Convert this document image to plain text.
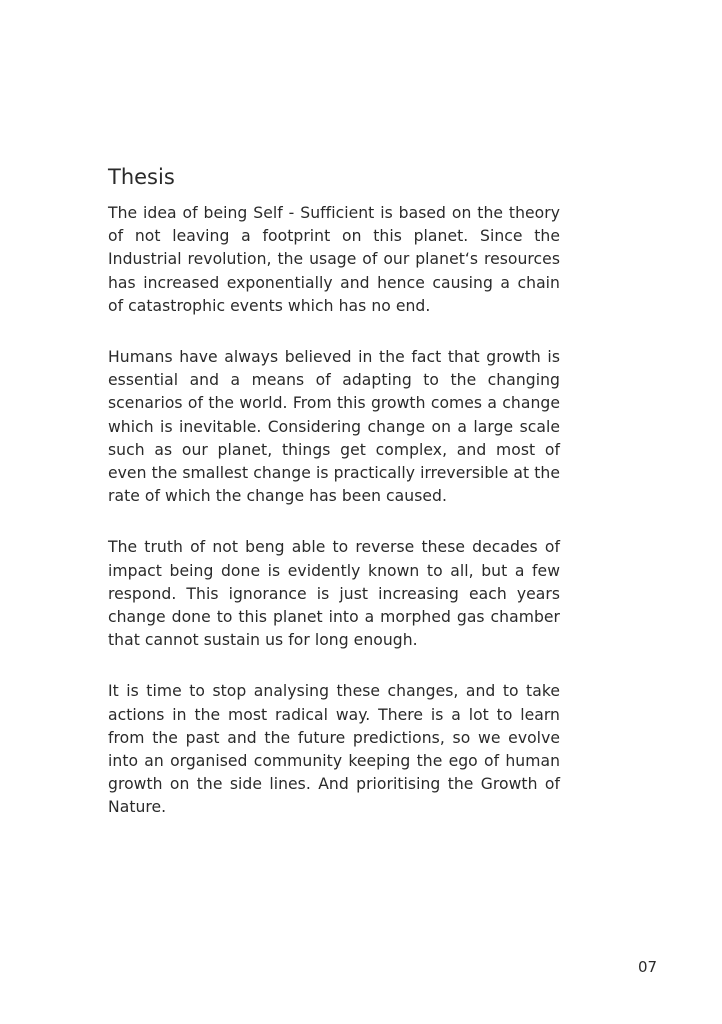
Thesis

The idea of being Self - Sufficient is based on the theory of not leaving a footprint on this planet. Since the Industrial revolution, the usage of our planet‘s resources has increased exponentially and hence causing a chain of catastrophic events which has no end.

Humans have always believed in the fact that growth is essential and a means of adapting to the changing scenarios of the world. From this growth comes a change which is inevitable. Considering change on a large scale such as our planet, things get complex, and most of even the smallest change is practically irreversible at the rate of which the change has been caused.

The truth of not beng able to reverse these decades of impact being done is evidently known to all, but a few respond. This ignorance is just increasing each years change done to this planet into a morphed gas chamber that cannot sustain us for long enough.

It is time to stop analysing these changes, and to take actions in the most radical way. There is a lot to learn from the past and the future predictions, so we evolve into an organised community keeping the ego of human growth on the side lines. And prioritising the Growth of Nature.

07
